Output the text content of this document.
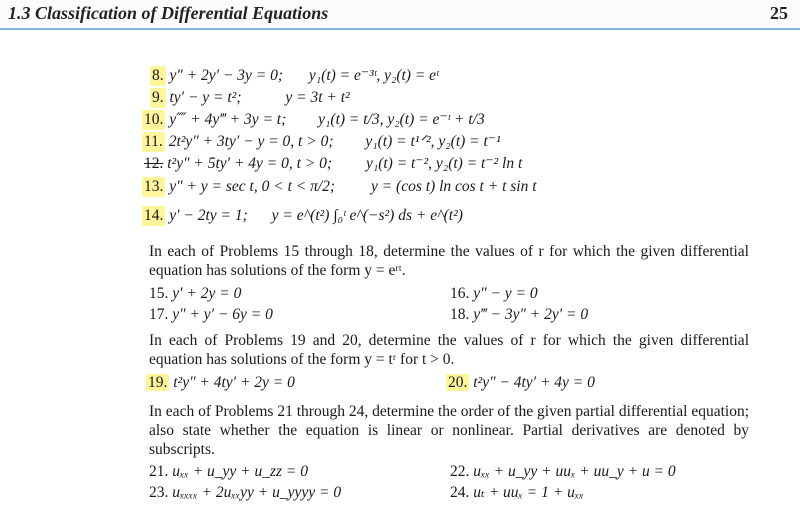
1.3 Classification of Differential Equations	25
8. y″ + 2y′ − 3y = 0; y₁(t) = e⁻³ᵗ, y₂(t) = eᵗ
9. ty′ − y = t²;	y = 3t + t²
10. y⁗ + 4y‴ + 3y = t; y₁(t) = t/3, y₂(t) = e⁻ᵗ + t/3
11. 2t²y″ + 3ty′ − y = 0, t > 0; y₁(t) = t¹ᐟ², y₂(t) = t⁻¹
12. t²y″ + 5ty′ + 4y = 0, t > 0; y₁(t) = t⁻², y₂(t) = t⁻² ln t
13. y″ + y = sec t, 0 < t < π/2; y = (cos t) ln cos t + t sin t
14. y′ − 2ty = 1; y = e^(t²) ∫₀ᵗ e^(−s²) ds + e^(t²)
In each of Problems 15 through 18, determine the values of r for which the given differential equation has solutions of the form y = eʳᵗ.
15. y′ + 2y = 0	16. y″ − y = 0
17. y″ + y′ − 6y = 0	18. y‴ − 3y″ + 2y′ = 0
In each of Problems 19 and 20, determine the values of r for which the given differential equation has solutions of the form y = tʳ for t > 0.
19. t²y″ + 4ty′ + 2y = 0	20. t²y″ − 4ty′ + 4y = 0
In each of Problems 21 through 24, determine the order of the given partial differential equation; also state whether the equation is linear or nonlinear. Partial derivatives are denoted by subscripts.
21. uₓₓ + u_yy + u_zz = 0	22. uₓₓ + u_yy + uuₓ + uu_y + u = 0
23. uₓₓₓₓ + 2uₓₓyy + u_yyyy = 0	24. uₜ + uuₓ = 1 + uₓₓ
